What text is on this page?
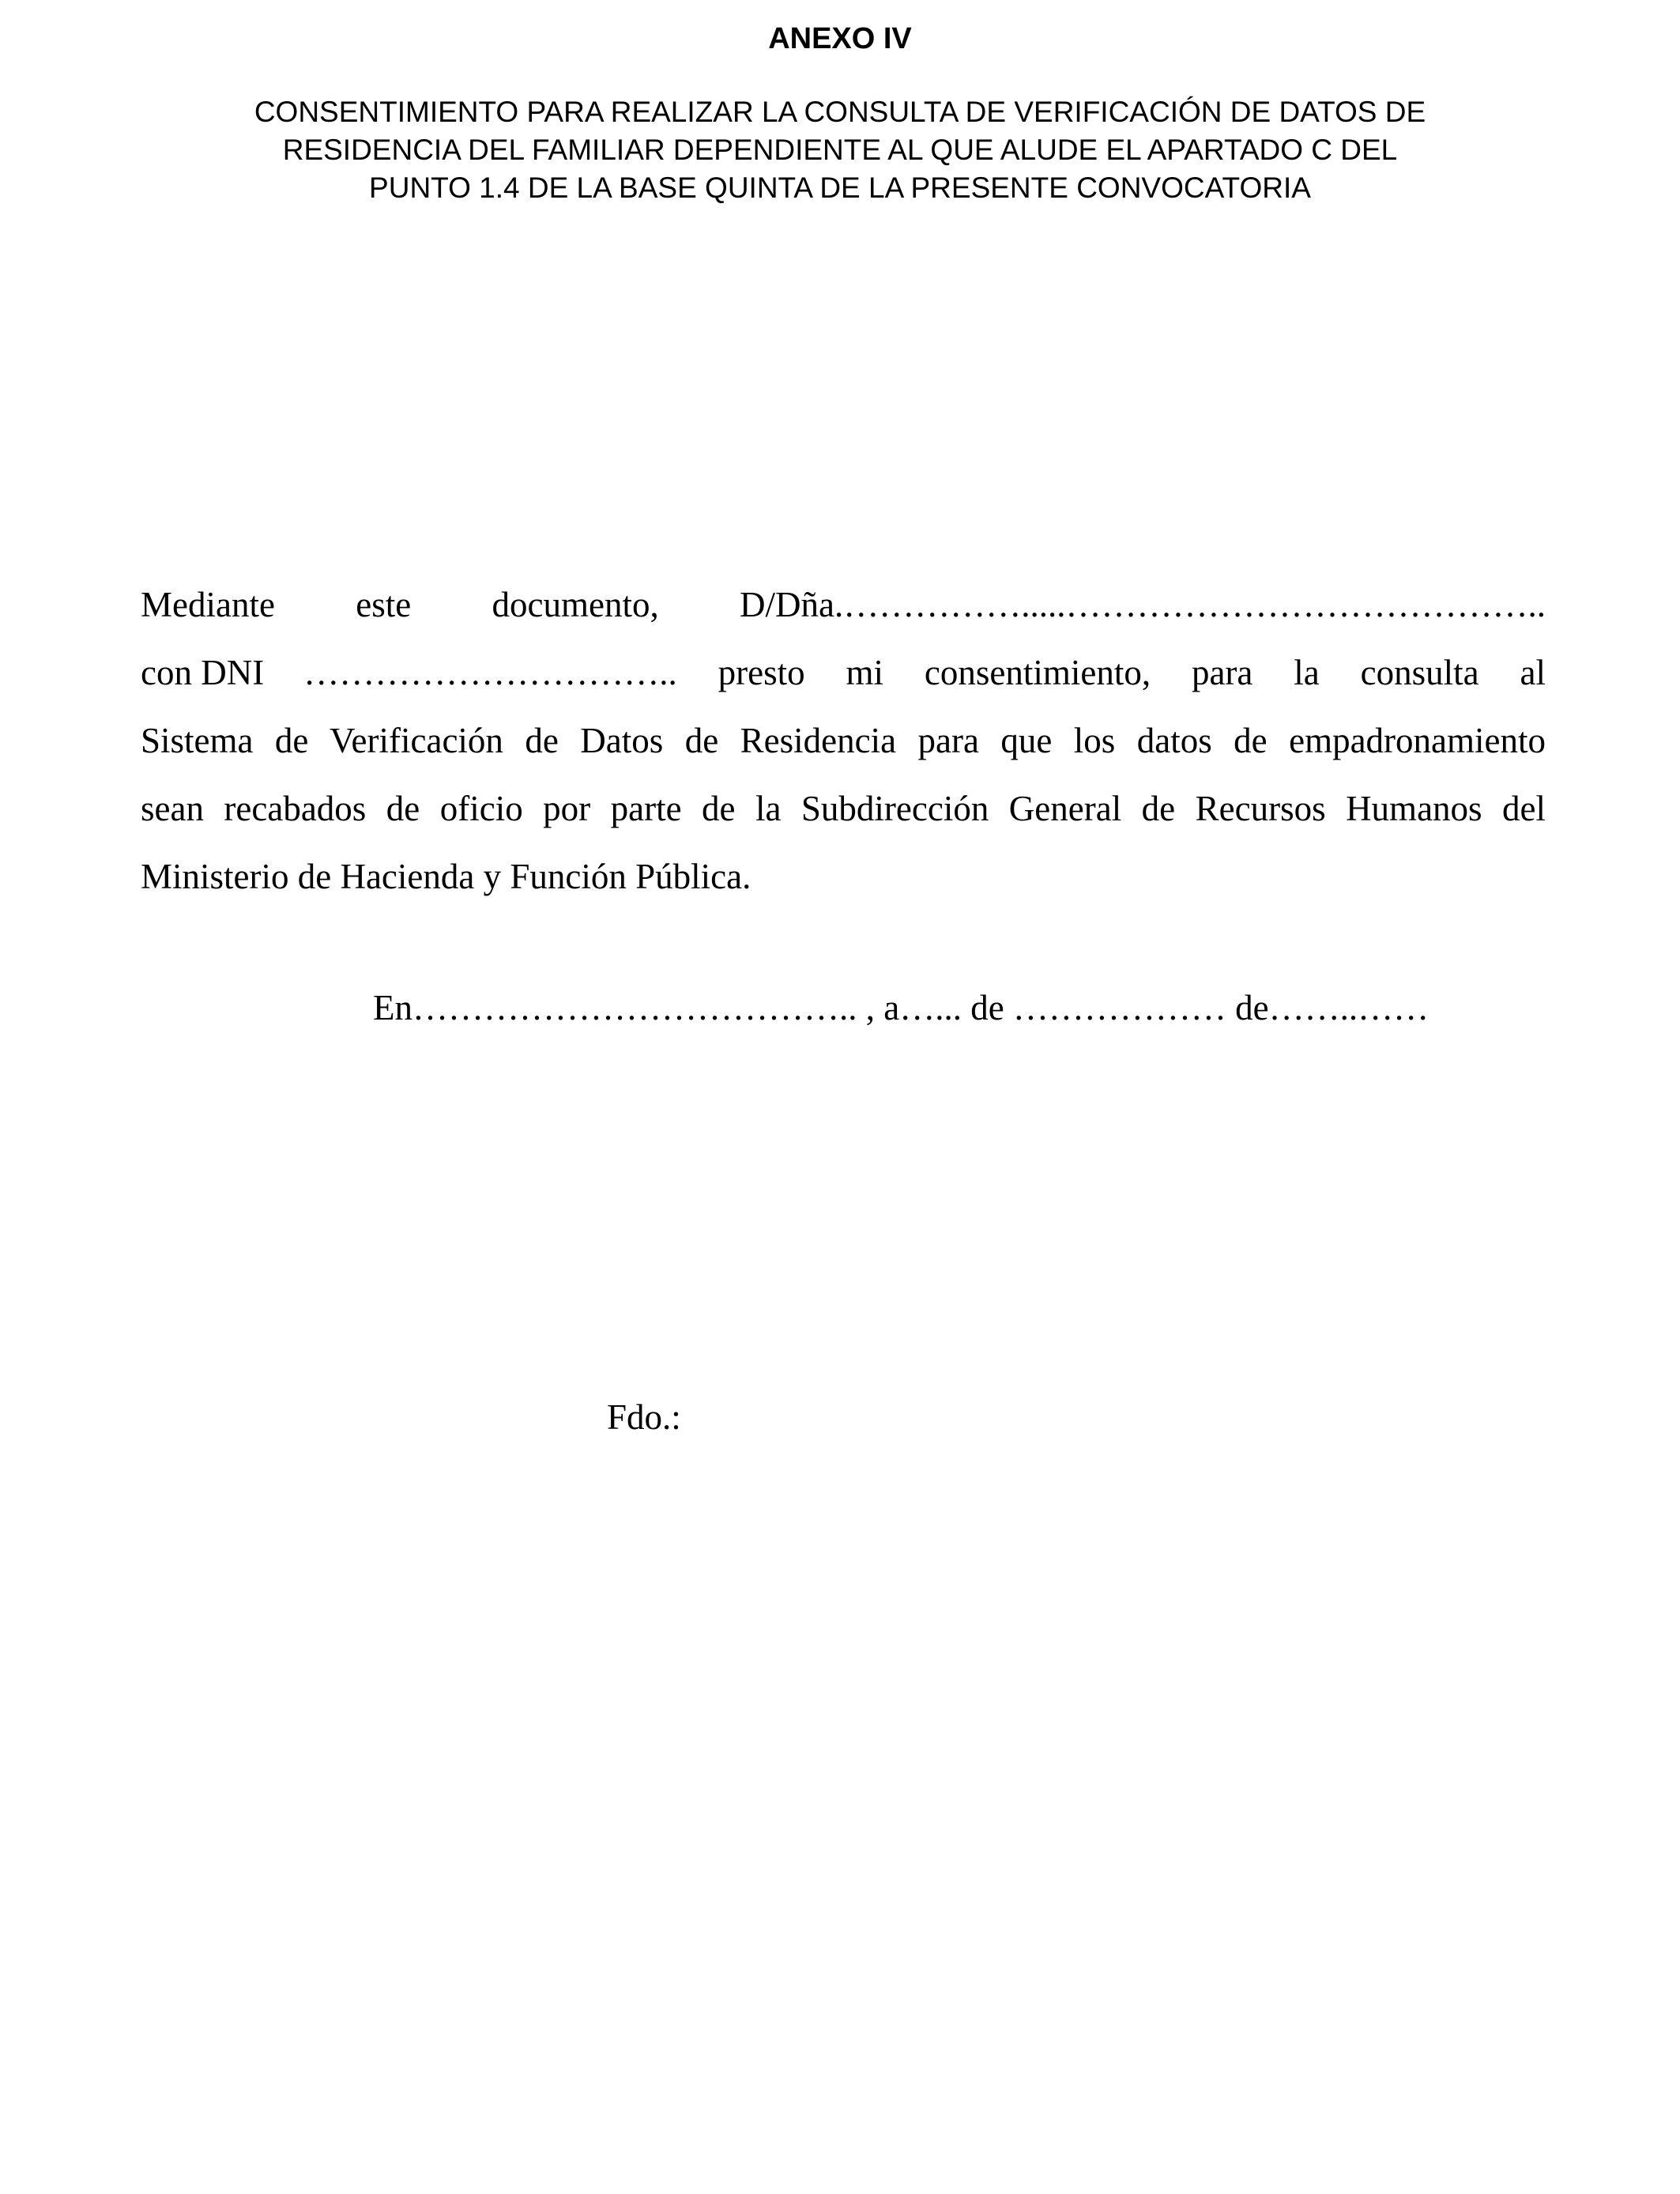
ANEXO IV
CONSENTIMIENTO PARA REALIZAR LA CONSULTA DE VERIFICACIÓN DE DATOS DE
RESIDENCIA DEL FAMILIAR DEPENDIENTE AL QUE ALUDE EL APARTADO C DEL
PUNTO 1.4 DE LA BASE QUINTA DE LA PRESENTE CONVOCATORIA
Mediante este documento, D/Dña.…………….....…………………………………..
con DNI ………………………….. presto mi consentimiento, para la consulta al
Sistema de Verificación de Datos de Residencia para que los datos de empadronamiento
sean recabados de oficio por parte de la Subdirección General de Recursos Humanos del
Ministerio de Hacienda y Función Pública.

En……………………………….. , a…... de ……………… de……..……

Fdo.:
